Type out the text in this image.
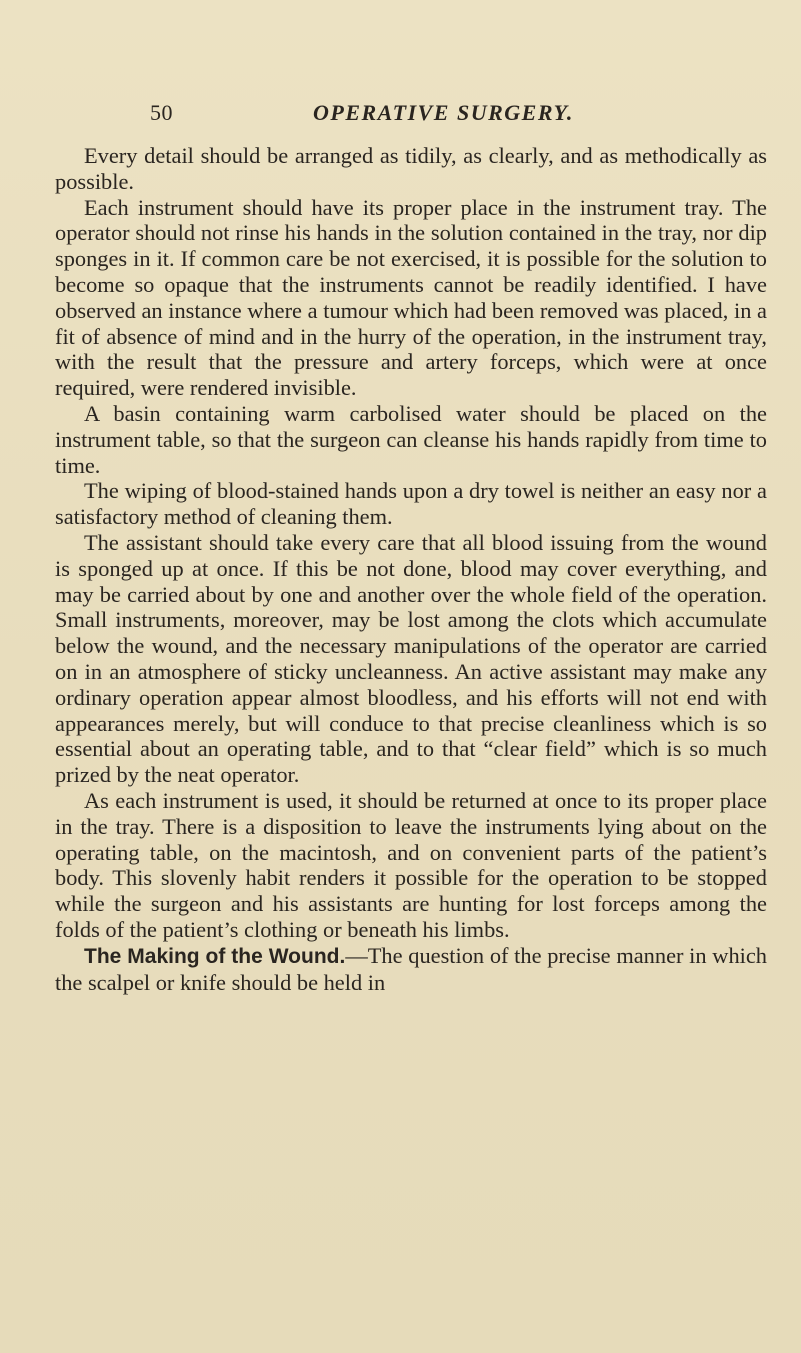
50	OPERATIVE SURGERY.

Every detail should be arranged as tidily, as clearly, and as methodically as possible.

Each instrument should have its proper place in the instrument tray. The operator should not rinse his hands in the solution contained in the tray, nor dip sponges in it. If common care be not exercised, it is possible for the solution to become so opaque that the instruments cannot be readily identified. I have observed an instance where a tumour which had been removed was placed, in a fit of absence of mind and in the hurry of the operation, in the instrument tray, with the result that the pressure and artery forceps, which were at once required, were rendered invisible.

A basin containing warm carbolised water should be placed on the instrument table, so that the surgeon can cleanse his hands rapidly from time to time.

The wiping of blood-stained hands upon a dry towel is neither an easy nor a satisfactory method of cleaning them.

The assistant should take every care that all blood issuing from the wound is sponged up at once. If this be not done, blood may cover everything, and may be carried about by one and another over the whole field of the operation. Small instruments, moreover, may be lost among the clots which accumulate below the wound, and the necessary manipulations of the operator are carried on in an atmosphere of sticky uncleanness. An active assistant may make any ordinary operation appear almost bloodless, and his efforts will not end with appearances merely, but will conduce to that precise cleanliness which is so essential about an operating table, and to that “clear field” which is so much prized by the neat operator.

As each instrument is used, it should be returned at once to its proper place in the tray. There is a disposition to leave the instruments lying about on the operating table, on the macintosh, and on convenient parts of the patient’s body. This slovenly habit renders it possible for the operation to be stopped while the surgeon and his assistants are hunting for lost forceps among the folds of the patient’s clothing or beneath his limbs.

The Making of the Wound.—The question of the precise manner in which the scalpel or knife should be held in
